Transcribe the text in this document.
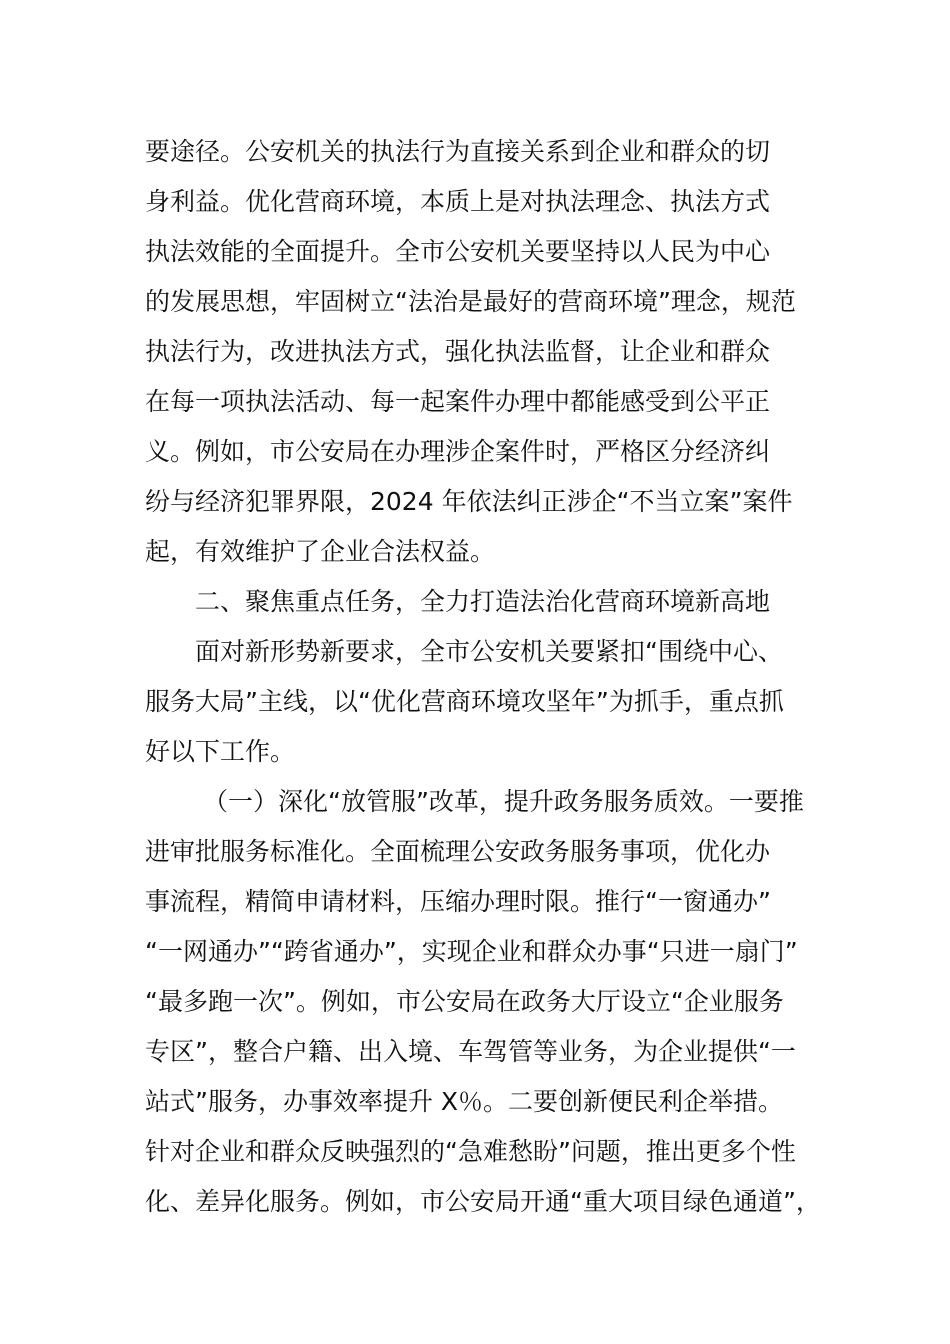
要途径。公安机关的执法行为直接关系到企业和群众的切
身利益。优化营商环境，本质上是对执法理念、执法方式
执法效能的全面提升。全市公安机关要坚持以人民为中心
的发展思想，牢固树立“法治是最好的营商环境”理念，规范
执法行为，改进执法方式，强化执法监督，让企业和群众
在每一项执法活动、每一起案件办理中都能感受到公平正
义。例如，市公安局在办理涉企案件时，严格区分经济纠
纷与经济犯罪界限，2024 年依法纠正涉企“不当立案”案件
起，有效维护了企业合法权益。
二、聚焦重点任务，全力打造法治化营商环境新高地
面对新形势新要求，全市公安机关要紧扣“围绕中心、
服务大局”主线，以“优化营商环境攻坚年”为抓手，重点抓
好以下工作。
（一）深化“放管服”改革，提升政务服务质效。一要推
进审批服务标准化。全面梳理公安政务服务事项，优化办
事流程，精简申请材料，压缩办理时限。推行“一窗通办”
“一网通办”“跨省通办”，实现企业和群众办事“只进一扇门”
“最多跑一次”。例如，市公安局在政务大厅设立“企业服务
专区”，整合户籍、出入境、车驾管等业务，为企业提供“一
站式”服务，办事效率提升 X％。二要创新便民利企举措。
针对企业和群众反映强烈的“急难愁盼”问题，推出更多个性
化、差异化服务。例如，市公安局开通“重大项目绿色通道”，
